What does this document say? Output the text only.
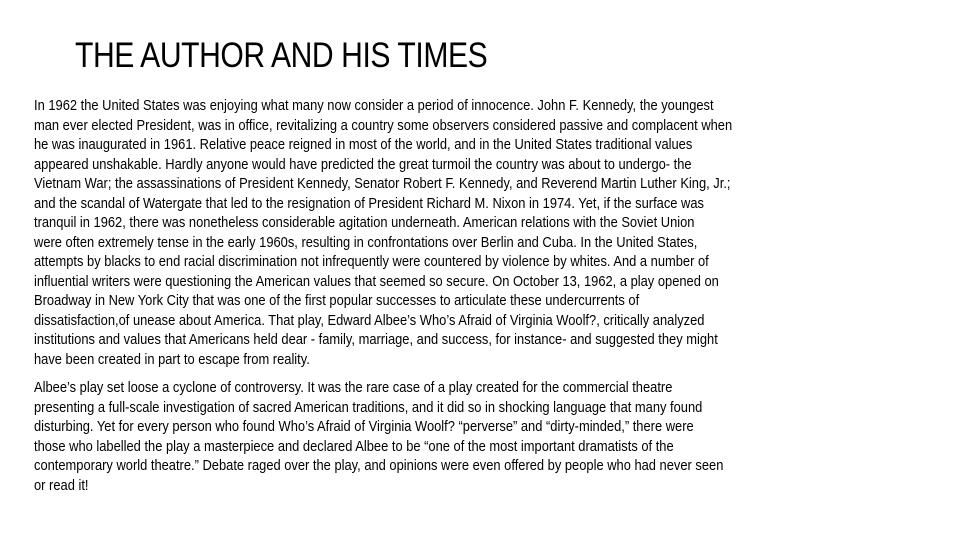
THE AUTHOR AND HIS TIMES
In 1962 the United States was enjoying what many now consider a period of innocence. John F. Kennedy, the youngest
man ever elected President, was in office, revitalizing a country some observers considered passive and complacent when
he was inaugurated in 1961. Relative peace reigned in most of the world, and in the United States traditional values
appeared unshakable. Hardly anyone would have predicted the great turmoil the country was about to undergo- the
Vietnam War; the assassinations of President Kennedy, Senator Robert F. Kennedy, and Reverend Martin Luther King, Jr.;
and the scandal of Watergate that led to the resignation of President Richard M. Nixon in 1974. Yet, if the surface was
tranquil in 1962, there was nonetheless considerable agitation underneath. American relations with the Soviet Union
were often extremely tense in the early 1960s, resulting in confrontations over Berlin and Cuba. In the United States,
attempts by blacks to end racial discrimination not infrequently were countered by violence by whites. And a number of
influential writers were questioning the American values that seemed so secure. On October 13, 1962, a play opened on
Broadway in New York City that was one of the first popular successes to articulate these undercurrents of
dissatisfaction,of unease about America. That play, Edward Albee’s Who’s Afraid of Virginia Woolf?, critically analyzed
institutions and values that Americans held dear - family, marriage, and success, for instance- and suggested they might
have been created in part to escape from reality.
Albee’s play set loose a cyclone of controversy. It was the rare case of a play created for the commercial theatre
presenting a full-scale investigation of sacred American traditions, and it did so in shocking language that many found
disturbing. Yet for every person who found Who’s Afraid of Virginia Woolf? “perverse” and “dirty-minded,” there were
those who labelled the play a masterpiece and declared Albee to be “one of the most important dramatists of the
contemporary world theatre.” Debate raged over the play, and opinions were even offered by people who had never seen
or read it!
